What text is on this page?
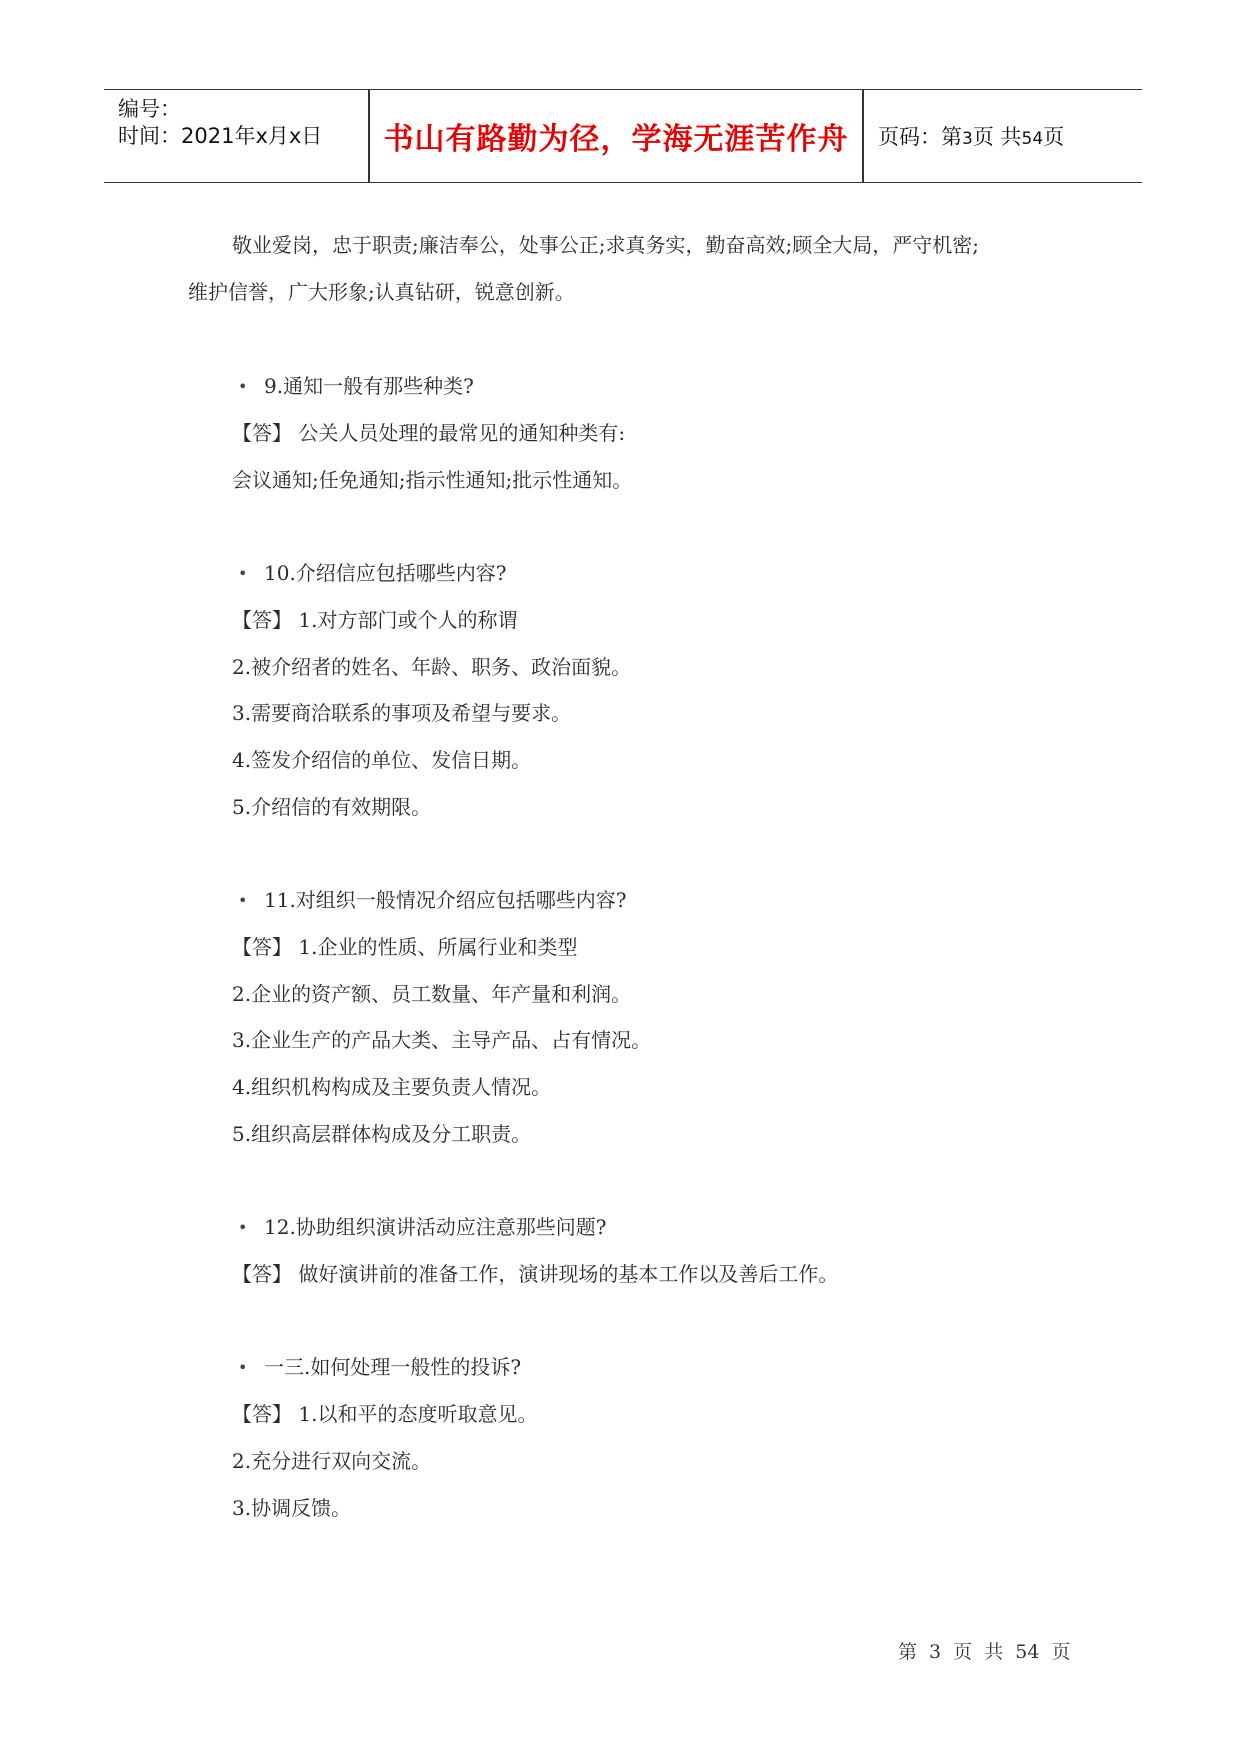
编号：
时间：2021年x月x日 书山有路勤为径，学海无涯苦作舟 页码：第3页 共54页
敬业爱岗，忠于职责;廉洁奉公，处事公正;求真务实，勤奋高效;顾全大局，严守机密;
维护信誉，广大形象;认真钻研，锐意创新。
• 9.通知一般有那些种类?
【答】 公关人员处理的最常见的通知种类有:
会议通知;任免通知;指示性通知;批示性通知。
• 10.介绍信应包括哪些内容?
【答】 1.对方部门或个人的称谓
2.被介绍者的姓名、年龄、职务、政治面貌。
3.需要商洽联系的事项及希望与要求。
4.签发介绍信的单位、发信日期。
5.介绍信的有效期限。
• 11.对组织一般情况介绍应包括哪些内容?
【答】 1.企业的性质、所属行业和类型
2.企业的资产额、员工数量、年产量和利润。
3.企业生产的产品大类、主导产品、占有情况。
4.组织机构构成及主要负责人情况。
5.组织高层群体构成及分工职责。
• 12.协助组织演讲活动应注意那些问题?
【答】 做好演讲前的准备工作，演讲现场的基本工作以及善后工作。
• 一三.如何处理一般性的投诉?
【答】 1.以和平的态度听取意见。
2.充分进行双向交流。
3.协调反馈。
第 3 页 共 54 页
